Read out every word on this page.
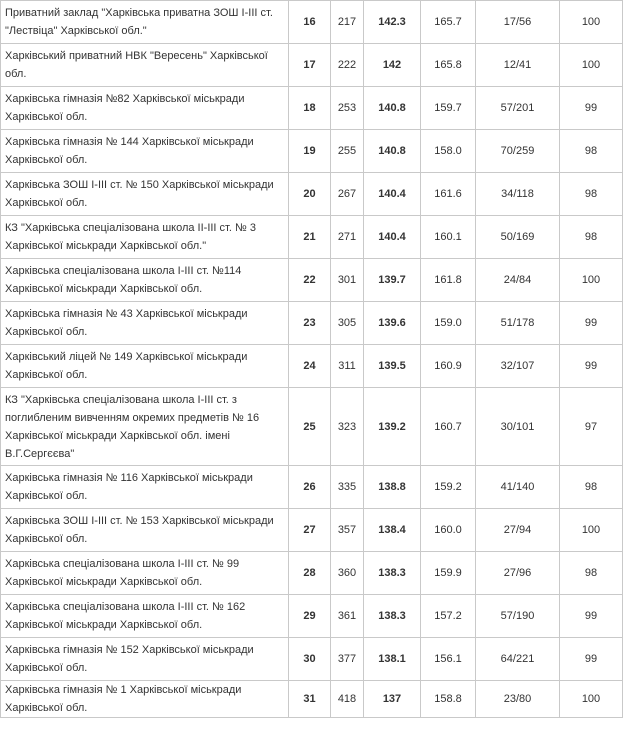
Приватний заклад "Харківська приватна ЗОШ І-ІІІ ст. "Лествіца" Харківської обл."	16	217	142.3	165.7	17/56	100
Харківський приватний НВК "Вересень" Харківської обл.	17	222	142	165.8	12/41	100
Харківська гімназія №82 Харківської міськради Харківської обл.	18	253	140.8	159.7	57/201	99
Харківська гімназія № 144 Харківської міськради Харківської обл.	19	255	140.8	158.0	70/259	98
Харківська ЗОШ І-ІІІ ст. № 150 Харківської міськради Харківської обл.	20	267	140.4	161.6	34/118	98
КЗ "Харківська спеціалізована школа ІІ-ІІІ ст. № 3 Харківської міськради Харківської обл."	21	271	140.4	160.1	50/169	98
Харківська спеціалізована школа І-ІІІ ст. №114 Харківської міськради Харківської обл.	22	301	139.7	161.8	24/84	100
Харківська гімназія № 43 Харківської міськради Харківської обл.	23	305	139.6	159.0	51/178	99
Харківський ліцей № 149 Харківської міськради Харківської обл.	24	311	139.5	160.9	32/107	99
КЗ "Харківська спеціалізована школа І-ІІІ ст. з поглибленим вивченням окремих предметів № 16 Харківської міськради Харківської обл. імені В.Г.Сергєєва"	25	323	139.2	160.7	30/101	97
Харківська гімназія № 116 Харківської міськради Харківської обл.	26	335	138.8	159.2	41/140	98
Харківська ЗОШ І-ІІІ ст. № 153 Харківської міськради Харківської обл.	27	357	138.4	160.0	27/94	100
Харківська спеціалізована школа І-ІІІ ст. № 99 Харківської міськради Харківської обл.	28	360	138.3	159.9	27/96	98
Харківська спеціалізована школа І-ІІІ ст. № 162 Харківської міськради Харківської обл.	29	361	138.3	157.2	57/190	99
Харківська гімназія № 152 Харківської міськради Харківської обл.	30	377	138.1	156.1	64/221	99
Харківська гімназія № 1 Харківської міськради Харківської обл.	31	418	137	158.8	23/80	100
